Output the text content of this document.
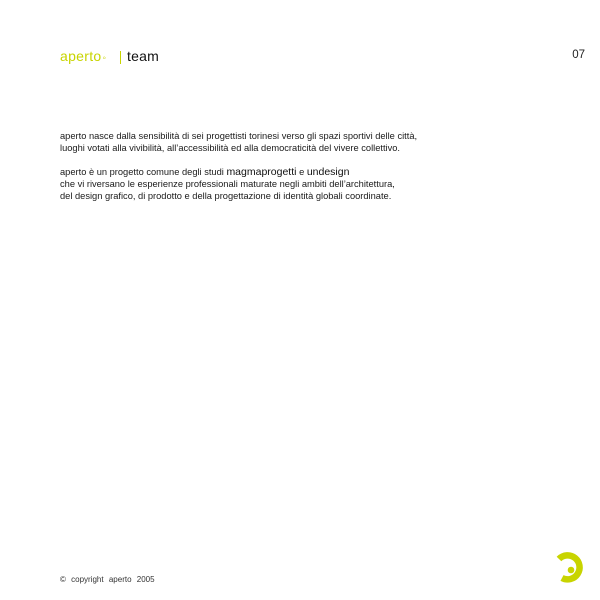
aperto ◦ team	07

aperto nasce dalla sensibilità di sei progettisti torinesi verso gli spazi sportivi delle città,
luoghi votati alla vivibilità, all’accessibilità ed alla democraticità del vivere collettivo.

aperto è un progetto comune degli studi magmaprogetti e undesign
che vi riversano le esperienze professionali maturate negli ambiti dell’architettura,
del design grafico, di prodotto e della progettazione di identità globali coordinate.

© copyright aperto 2005
